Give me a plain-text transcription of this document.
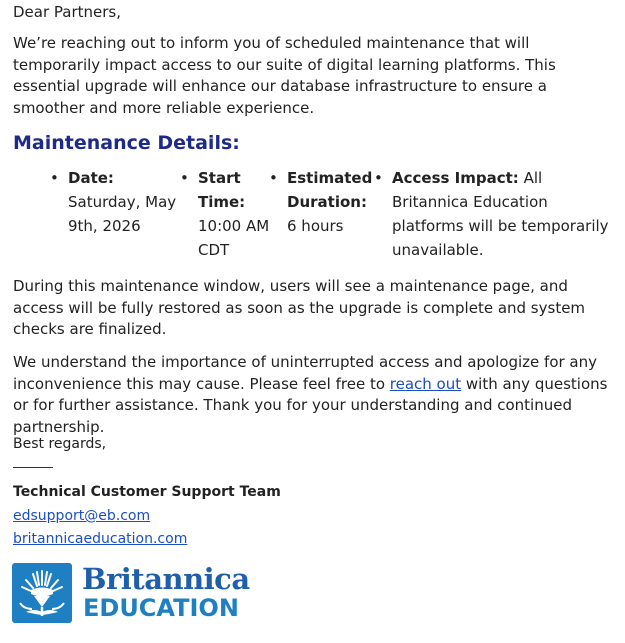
Dear Partners,

We’re reaching out to inform you of scheduled maintenance that will temporarily impact access to our suite of digital learning platforms. This essential upgrade will enhance our database infrastructure to ensure a smoother and more reliable experience.

Maintenance Details:
• Date: Saturday, May 9th, 2026
• Start Time: 10:00 AM CDT
• Estimated Duration: 6 hours
• Access Impact: All Britannica Education platforms will be temporarily unavailable.

During this maintenance window, users will see a maintenance page, and access will be fully restored as soon as the upgrade is complete and system checks are finalized.

We understand the importance of uninterrupted access and apologize for any inconvenience this may cause. Please feel free to reach out with any questions or for further assistance. Thank you for your understanding and continued partnership.

Best regards,

Technical Customer Support Team

edsupport@eb.com
britannicaeducation.com
Britannica
EDUCATION
